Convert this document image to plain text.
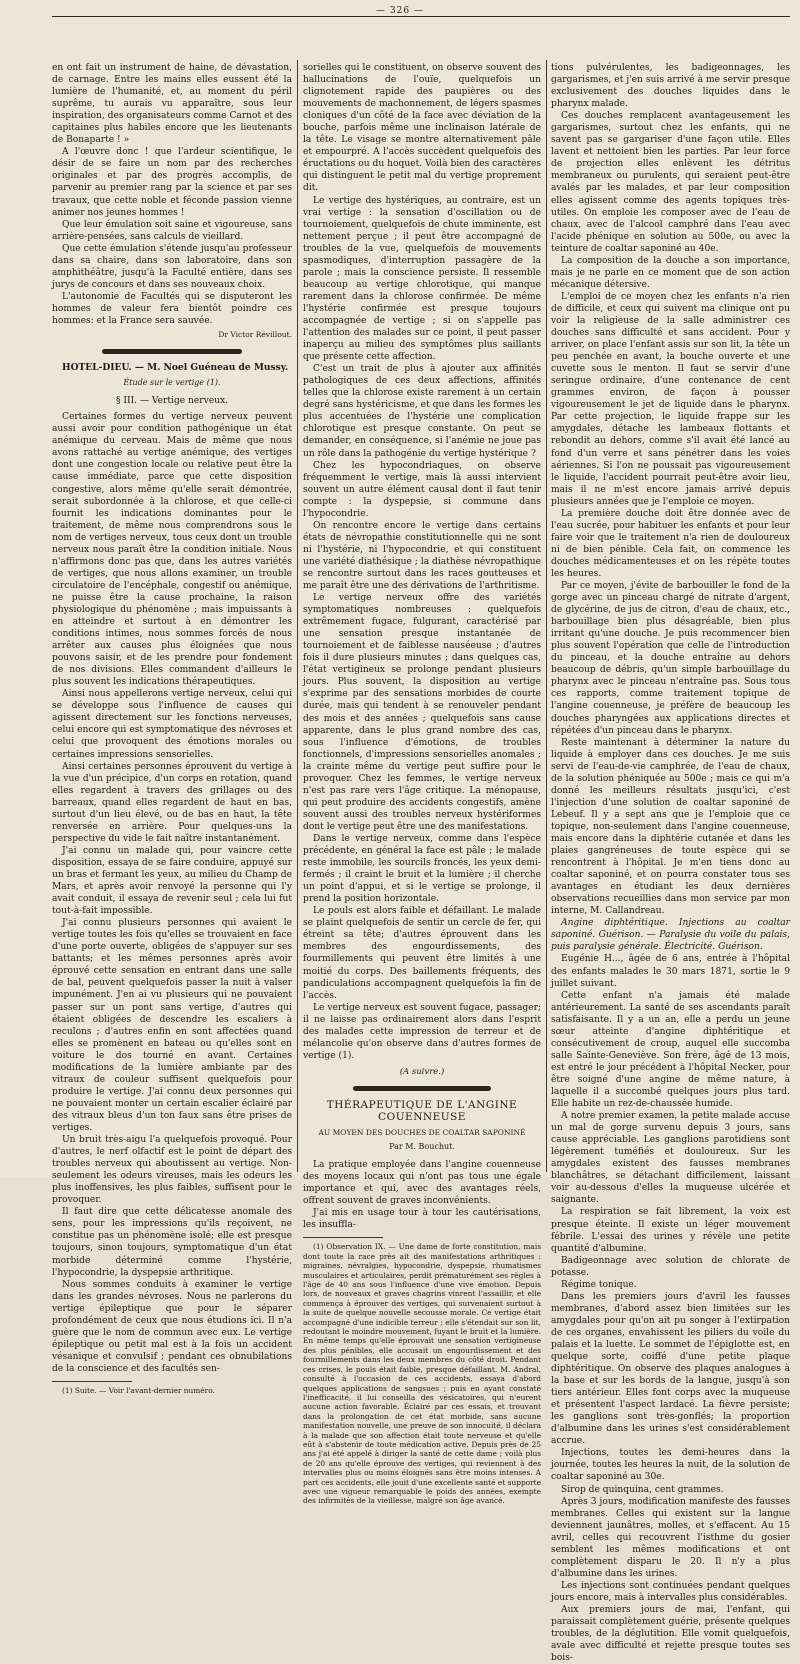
— 326 —

en ont fait un instrument de haine, de dévastation, de carnage. Entre les mains elles eussent été la lumière de l'humanité, et, au moment du péril suprême, tu aurais vu apparaître, sous leur inspiration, des organisateurs comme Carnot et des capitaines plus habiles encore que les lieutenants de Bonaparte ! »

A l'œuvre donc ! que l'ardeur scientifique, le désir de se faire un nom par des recherches originales et par des progrès accomplis, de parvenir au premier rang par la science et par ses travaux, que cette noble et féconde passion vienne animer nos jeunes hommes !

Que leur émulation soit saine et vigoureuse, sans arrière-pensées, sans calculs de vieillard.

Que cette émulation s'étende jusqu'au professeur dans sa chaire, dans son laboratoire, dans son amphithéâtre, jusqu'à la Faculté entière, dans ses jurys de concours et dans ses nouveaux choix.

L'autonomie de Facultés qui se disputeront les hommes de valeur fera bientôt poindre ces hommes: et la France sera sauvée.

Dr Victor Révillout.

HOTEL-DIEU. — M. Noel Guéneau de Mussy.

Étude sur le vertige (1).
§ III. — Vertige nerveux.

Certaines formes du vertige nerveux peuvent aussi avoir pour condition pathogénique un état anémique du cerveau. Mais de même que nous avons rattaché au vertige anémique, des vertiges dont une congestion locale ou relative peut être la cause immédiate, parce que cette disposition congestive, alors même qu'elle serait démontrée, serait subordonnée à la chlorose, et que celle-ci fournit les indications dominantes pour le traitement, de même nous comprendrons sous le nom de vertiges nerveux, tous ceux dont un trouble nerveux nous paraît être la condition initiale. Nous n'affirmons donc pas que, dans les autres variétés de vertiges, que nous allons examiner, un trouble circulatoire de l'encéphale, congestif ou anémique, ne puisse être la cause prochaine, la raison physiologique du phénomène ; mais impuissants à en atteindre et surtout à en démontrer les conditions intimes, nous sommes forcés de nous arrêter aux causes plus éloignées que nous pouvons saisir, et de les prendre pour fondement de nos divisions. Elles commandent d'ailleurs le plus souvent les indications thérapeutiques.

Ainsi nous appellerons vertige nerveux, celui qui se développe sous l'influence de causes qui agissent directement sur les fonctions nerveuses, celui encore qui est symptomatique des névroses et celui que provoquent des émotions morales ou certaines impressions sensorielles.

Ainsi certaines personnes éprouvent du vertige à la vue d'un précipice, d'un corps en rotation, quand elles regardent à travers des grillages ou des barreaux, quand elles regardent de haut en bas, surtout d'un lieu élevé, ou de bas en haut, la tête renversée en arrière. Pour quelques-uns la perspective du vide le fait naître instantanément.

J'ai connu un malade qui, pour vaincre cette disposition, essaya de se faire conduire, appuyé sur un bras et fermant les yeux, au milieu du Champ de Mars, et après avoir renvoyé la personne qui l'y avait conduit, il essaya de revenir seul ; cela lui fut tout-à-fait impossible.

J'ai connu plusieurs personnes qui avaient le vertige toutes les fois qu'elles se trouvaient en face d'une porte ouverte, obligées de s'appuyer sur ses battants; et les mêmes personnes après avoir éprouvé cette sensation en entrant dans une salle de bal, peuvent quelquefois passer la nuit à valser impunément. J'en ai vu plusieurs qui ne pouvaient passer sur un pont sans vertige, d'autres qui étaient obligées de descendre les escaliers à reculons ; d'autres enfin en sont affectées quand elles se promènent en bateau ou qu'elles sont en voiture le dos tourné en avant. Certaines modifications de la lumière ambiante par des vitraux de couleur suffisent quelquefois pour produire le vertige. J'ai connu deux personnes qui ne pouvaient monter un certain escalier éclairé par des vitraux bleus d'un ton faux sans être prises de vertiges.

Un bruit très-aigu l'a quelquefois provoqué. Pour d'autres, le nerf olfactif est le point de départ des troubles nerveux qui aboutissent au vertige. Non-seulement les odeurs vireuses, mais les odeurs les plus inoffensives, les plus faibles, suffisent pour le provoquer.

Il faut dire que cette délicatesse anomale des sens, pour les impressions qu'ils reçoivent, ne constitue pas un phénomène isolé; elle est presque toujours, sinon toujours, symptomatique d'un état morbide déterminé comme l'hystérie, l'hypocondrie, la dyspepsie arthritique.

Nous sommes conduits à examiner le vertige dans les grandes névroses. Nous ne parlerons du vertige épileptique que pour le séparer profondément de ceux que nous étudions ici. Il n'a guère que le nom de commun avec eux. Le vertige épileptique ou petit mal est à la fois un accident vésanique et convulsif ; pendant ces obnubilations de la conscience et des facultés sen-

(1) Suite. — Voir l'avant-dernier numéro.

sorielles qui le constituent, on observe souvent des hallucinations de l'ouïe, quelquefois un clignotement rapide des paupières ou des mouvements de machonnement, de légers spasmes cloniques d'un côté de la face avec déviation de la bouche, parfois même une inclinaison latérale de la tête. Le visage se montre alternativement pâle et empourpré. A l'accès succèdent quelquefois des éructations ou du hoquet. Voilà bien des caractères qui distinguent le petit mal du vertige proprement dit.

Le vertige des hystériques, au contraire, est un vrai vertige : la sensation d'oscillation ou de tournoiement, quelquefois de chute imminente, est nettement perçue ; il peut être accompagné de troubles de la vue, quelquefois de mouvements spasmodiques, d'interruption passagère de la parole ; mais la conscience persiste. Il ressemble beaucoup au vertige chlorotique, qui manque rarement dans la chlorose confirmée. De même l'hystérie confirmée est presque toujours accompagnée de vertige ; si on s'appelle pas l'attention des malades sur ce point, il peut passer inaperçu au milieu des symptômes plus saillants que présente cette affection.

C'est un trait de plus à ajouter aux affinités pathologiques de ces deux affections, affinités telles que la chlorose existe rarement à un certain degré sans hystéricisme, et que dans les formes les plus accentuées de l'hystérie une complication chlorotique est presque constante. On peut se demander, en conséquence, si l'anémie ne joue pas un rôle dans la pathogénie du vertige hystérique ?

Chez les hypocondriaques, on observe fréquemment le vertige, mais là aussi intervient souvent un autre élément causal dont il faut tenir compte : la dyspepsie, si commune dans l'hypocondrie.

On rencontre encore le vertige dans certains états de névropathie constitutionnelle qui ne sont ni l'hystérie, ni l'hypocondrie, et qui constituent une variété diathésique ; la diathèse névropathique se rencontre surtout dans les races goutteuses et me paraît être une des dérivations de l'arthritisme.

Le vertige nerveux offre des variétés symptomatiques nombreuses : quelquefois extrêmement fugace, fulgurant, caractérisé par une sensation presque instantanée de tournoiement et de faiblesse nauséeuse ; d'autres fois il dure plusieurs minutes ; dans quelques cas, l'état vertigineux se prolonge pendant plusieurs jours. Plus souvent, la disposition au vertige s'exprime par des sensations morbides de courte durée, mais qui tendent à se renouveler pendant des mois et des années ; quelquefois sans cause apparente, dans le plus grand nombre des cas, sous l'influence d'émotions, de troubles fonctionnels, d'impressions sensorielles anomales ; la crainte même du vertige peut suffire pour le provoquer. Chez les femmes, le vertige nerveux n'est pas rare vers l'âge critique. La ménopause, qui peut produire des accidents congestifs, amène souvent aussi des troubles nerveux hystériformes dont le vertige peut être une des manifestations.

Dans le vertige nerveux, comme dans l'espèce précédente, en général la face est pâle ; le malade reste immobile, les sourcils froncés, les yeux demi-fermés ; il craint le bruit et la lumière ; il cherche un point d'appui, et si le vertige se prolonge, il prend la position horizontale.

Le pouls est alors faible et défaillant. Le malade se plaint quelquefois de sentir un cercle de fer, qui étreint sa tête; d'autres éprouvent dans les membres des engourdissements, des fourmillements qui peuvent être limités à une moitié du corps. Des baillements fréquents, des pandiculations accompagnent quelquefois la fin de l'accès.

Le vertige nerveux est souvent fugace, passager; il ne laisse pas ordinairement alors dans l'esprit des malades cette impression de terreur et de mélancolie qu'on observe dans d'autres formes de vertige (1).

(A suivre.)
THÉRAPEUTIQUE DE L'ANGINE COUENNEUSE
AU MOYEN DES DOUCHES DE COALTAR SAPONINÉ
Par M. Bouchut.

La pratique employée dans l'angine couenneuse des moyens locaux qui n'ont pas tous une égale importance et qui, avec des avantages réels, offrent souvent de graves inconvénients.

J'ai mis en usage tour à tour les cautérisations, les insuffla-

(1) Observation IX. — Une dame de forte constitution, mais dont toute la race près ait des manifestations arthritiques : migraines, névralgies, hypocondrie, dyspepsie, rhumatismes musculaires et articulaires, perdit prématurément ses règles à l'âge de 40 ans sous l'influence d'une vive émotion. Depuis lors, de nouveaux et graves chagrins vinrent l'assaillir, et elle commença à éprouver des vertiges, qui survenaient surtout à la suite de quelque nouvelle secousse morale. Ce vertige était accompagné d'une indicible terreur ; elle s'étendait sur son lit, redoutant le moindre mouvement, fuyant le bruit et la lumière. En même temps qu'elle éprouvait une sensation vertigineuse des plus pénibles, elle accusait un engourdissement et des fourmillements dans les deux membres du côté droit. Pendant ces crises, le pouls était faible, presque défaillant. M. Andral, consulté à l'occasion de ces accidents, essaya d'abord quelques applications de sangsues ; puis en ayant constaté l'inefficacité, il lui conseilla des vésicatoires, qui n'eurent aucune action favorable. Éclairé par ces essais, et trouvant dans la prolongation de cet état morbide, sans aucune manifestation nouvelle, une preuve de son innocuité, il déclara à la malade que son affection était toute nerveuse et qu'elle eût à s'abstenir de toute médication active. Depuis près de 25 ans j'ai été appelé à diriger la santé de cette dame ; voilà plus de 20 ans qu'elle éprouve des vertiges, qui reviennent à des intervalles plus ou moins éloignés sans être moins intenses. A part ces accidents, elle jouit d'une excellente santé et supporte avec une vigueur remarquable le poids des années, exempte des infirmités de la vieillesse, malgré son âge avancé.

tions pulvérulentes, les badigeonnages, les gargarismes, et j'en suis arrivé à me servir presque exclusivement des douches liquides dans le pharynx malade.

Ces douches remplacent avantageusement les gargarismes, surtout chez les enfants, qui ne savent pas se gargariser d'une façon utile. Elles lavent et nettoient bien les parties. Par leur force de projection elles enlèvent les détritus membraneux ou purulents, qui seraient peut-être avalés par les malades, et par leur composition elles agissent comme des agents topiques très-utiles. On emploie les composer avec de l'eau de chaux, avec de l'alcool camphré dans l'eau avec l'acide phénique en solution au 500e, ou avec la teinture de coaltar saponiné au 40e.

La composition de la douche a son importance, mais je ne parle en ce moment que de son action mécanique détersive.

L'emploi de ce moyen chez les enfants n'a rien de difficile, et ceux qui suivent ma clinique ont pu voir la religieuse de la salle administrer ces douches sans difficulté et sans accident. Pour y arriver, on place l'enfant assis sur son lit, la tête un peu penchée en avant, la bouche ouverte et une cuvette sous le menton. Il faut se servir d'une seringue ordinaire, d'une contenance de cent grammes environ, de façon à pousser vigoureusement le jet de liquide dans le pharynx. Par cette projection, le liquide frappe sur les amygdales, détache les lambeaux flottants et rebondit au dehors, comme s'il avait été lancé au fond d'un verre et sans pénétrer dans les voies aériennes. Si l'on ne poussait pas vigoureusement le liquide, l'accident pourrait peut-être avoir lieu, mais il ne m'est encore jamais arrivé depuis plusieurs années que je l'emploie ce moyen.

La première douche doit être donnée avec de l'eau sucrée, pour habituer les enfants et pour leur faire voir que le traitement n'a rien de douloureux ni de bien pénible. Cela fait, on commence les douches médicamenteuses et on les répète toutes les heures.

Par ce moyen, j'évite de barbouiller le fond de la gorge avec un pinceau chargé de nitrate d'argent, de glycérine, de jus de citron, d'eau de chaux, etc., barbouillage bien plus désagréable, bien plus irritant qu'une douche. Je puis recommencer bien plus souvent l'opération que celle de l'introduction du pinceau, et la douche entraîne au dehors beaucoup de débris, qu'un simple barbouillage du pharynx avec le pinceau n'entraîne pas. Sous tous ces rapports, comme traitement topique de l'angine couenneuse, je préfère de beaucoup les douches pharyngées aux applications directes et répétées d'un pinceau dans le pharynx.

Reste maintenant à déterminer la nature du liquide à employer dans ces douches. Je me suis servi de l'eau-de-vie camphrée, de l'eau de chaux, de la solution phéniquée au 500e ; mais ce qui m'a donné les meilleurs résultats jusqu'ici, c'est l'injection d'une solution de coaltar saponiné de Lebeuf. Il y a sept ans que je l'emploie que ce topique, non-seulement dans l'angine couenneuse, mais encore dans la diphtérie cutanée et dans les plaies gangréneuses de toute espèce qui se rencontrent à l'hôpital. Je m'en tiens donc au coaltar saponiné, et on pourra constater tous ses avantages en étudiant les deux dernières observations recueillies dans mon service par mon interne, M. Callandreau.

Angine diphtéritique. Injections au coaltar saponiné. Guérison. — Paralysie du voile du palais, puis paralysie générale. Électricité. Guérison.

Eugénie H..., âgée de 6 ans, entrée à l'hôpital des enfants malades le 30 mars 1871, sortie le 9 juillet suivant.

Cette enfant n'a jamais été malade antérieurement. La santé de ses ascendants paraît satisfaisante. Il y a un an, elle a perdu un jeune sœur atteinte d'angine diphtéritique et consécutivement de croup, auquel elle succomba salle Sainte-Geneviève. Son frère, âgé de 13 mois, est entré le jour précédent à l'hôpital Necker, pour être soigné d'une angine de même nature, à laquelle il a succombé quelques jours plus tard. Elle habite un rez-de-chaussée humide.

A notre premier examen, la petite malade accuse un mal de gorge survenu depuis 3 jours, sans cause appréciable. Les ganglions parotidiens sont légèrement tuméfiés et douloureux. Sur les amygdales existent des fausses membranes blanchâtres, se détachant difficilement, laissant voir au-dessous d'elles la muqueuse ulcérée et saignante.

La respiration se fait librement, la voix est presque éteinte. Il existe un léger mouvement fébrile. L'essai des urines y révèle une petite quantité d'albumine.

Badigeonnage avec solution de chlorate de potasse.

Régime tonique.

Dans les premiers jours d'avril les fausses membranes, d'abord assez bien limitées sur les amygdales pour qu'on ait pu songer à l'extirpation de ces organes, envahissent les piliers du voile du palais et la luette. Le sommet de l'épiglotte est, en quelque sorte, coiffé d'une petite plaque diphtéritique. On observe des plaques analogues à la base et sur les bords de la langue, jusqu'à son tiers antérieur. Elles font corps avec la muqueuse et présentent l'aspect lardacé. La fièvre persiste; les ganglions sont très-gonflés; la proportion d'albumine dans les urines s'est considérablement accrue.

Injections, toutes les demi-heures dans la journée, toutes les heures la nuit, de la solution de coaltar saponiné au 30e.

Sirop de quinquina, cent grammes.

Après 3 jours, modification manifeste des fausses membranes. Celles qui existent sur la langue deviennent jaunâtres, molles, et s'effacent. Au 15 avril, celles qui recouvrent l'isthme du gosier semblent les mêmes modifications et ont complètement disparu le 20. Il n'y a plus d'albumine dans les urines.

Les injections sont continuées pendant quelques jours encore, mais à intervalles plus considérables.

Aux premiers jours de mai, l'enfant, qui paraissait complètement guérie, présente quelques troubles, de la déglutition. Elle vomit quelquefois, avale avec difficulté et rejette presque toutes ses bois-
